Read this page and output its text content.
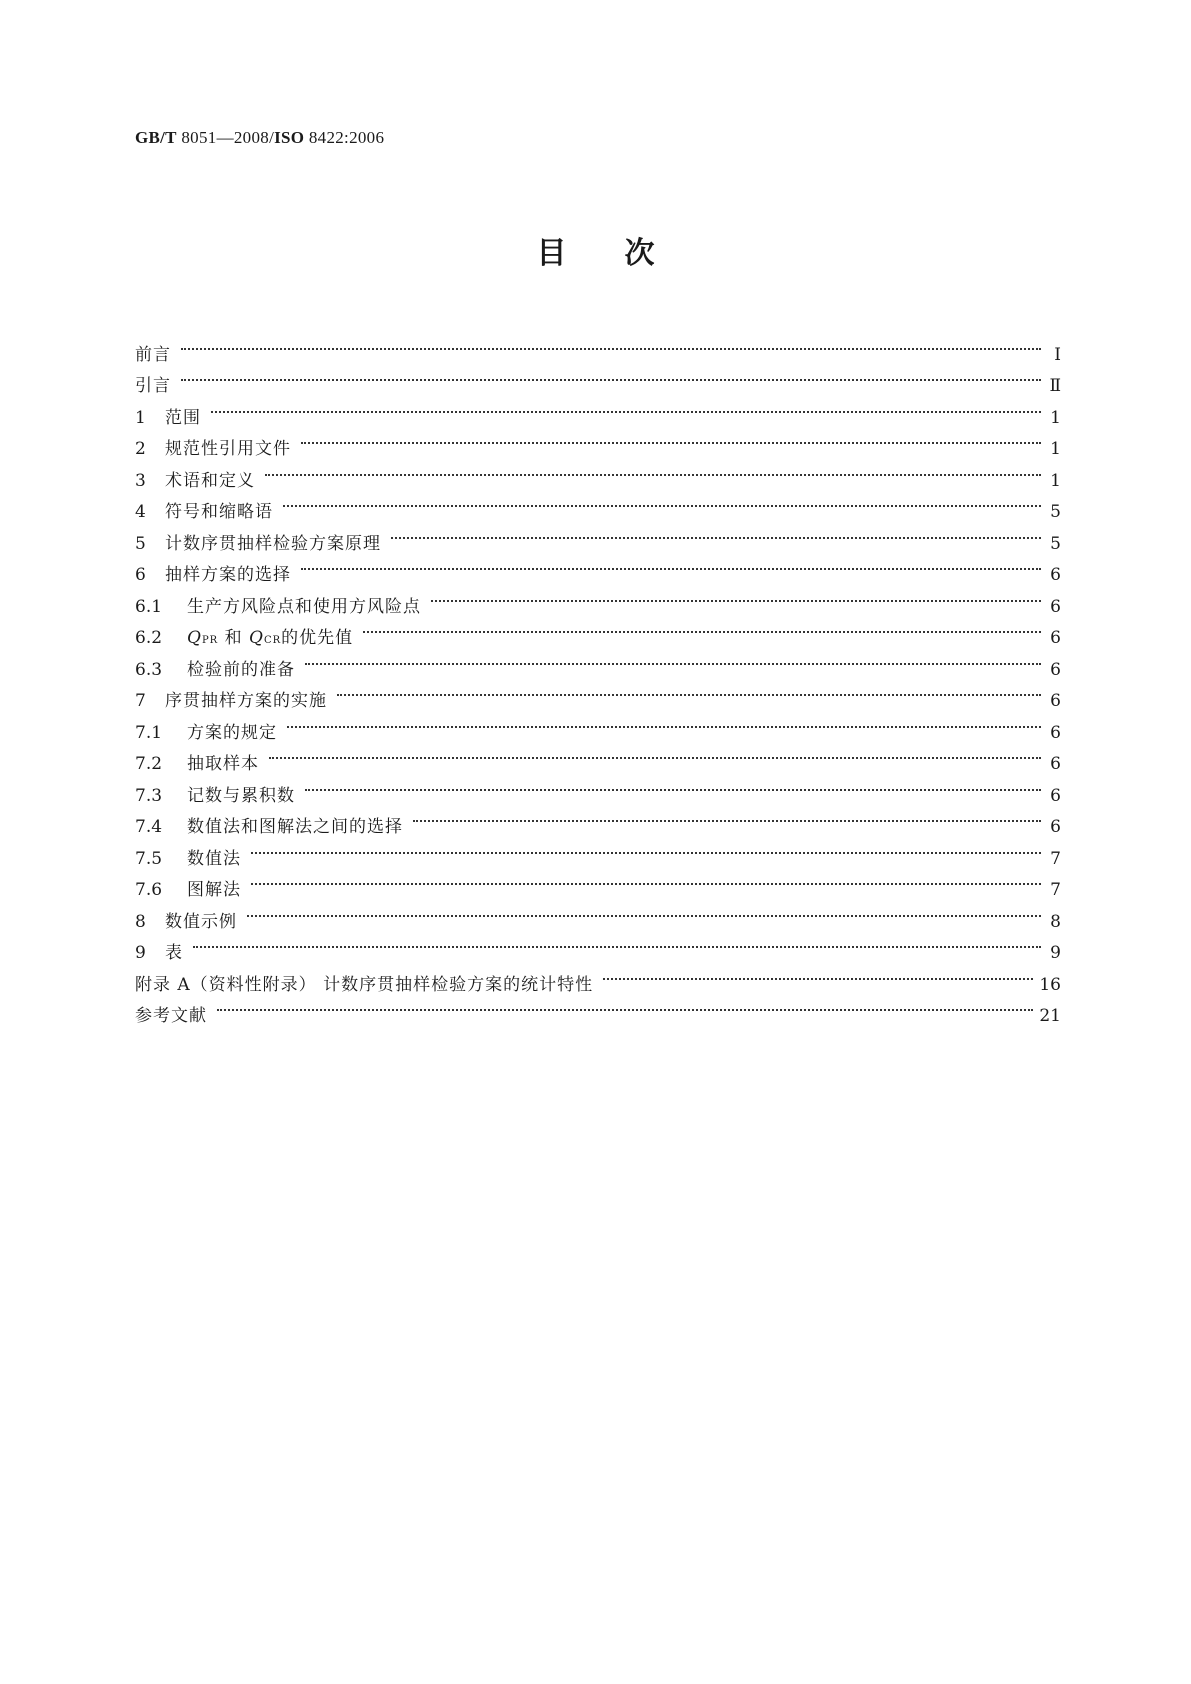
GB/T 8051—2008/ISO 8422:2006
目次
前言	Ⅰ
引言	Ⅱ
1	范围	1
2	规范性引用文件	1
3	术语和定义	1
4	符号和缩略语	5
5	计数序贯抽样检验方案原理	5
6	抽样方案的选择	6
6.1	生产方风险点和使用方风险点	6
6.2	QPR 和 QCR的优先值	6
6.3	检验前的准备	6
7	序贯抽样方案的实施	6
7.1	方案的规定	6
7.2	抽取样本	6
7.3	记数与累积数	6
7.4	数值法和图解法之间的选择	6
7.5	数值法	7
7.6	图解法	7
8	数值示例	8
9	表	9
附录 A（资料性附录） 计数序贯抽样检验方案的统计特性	16
参考文献	21
